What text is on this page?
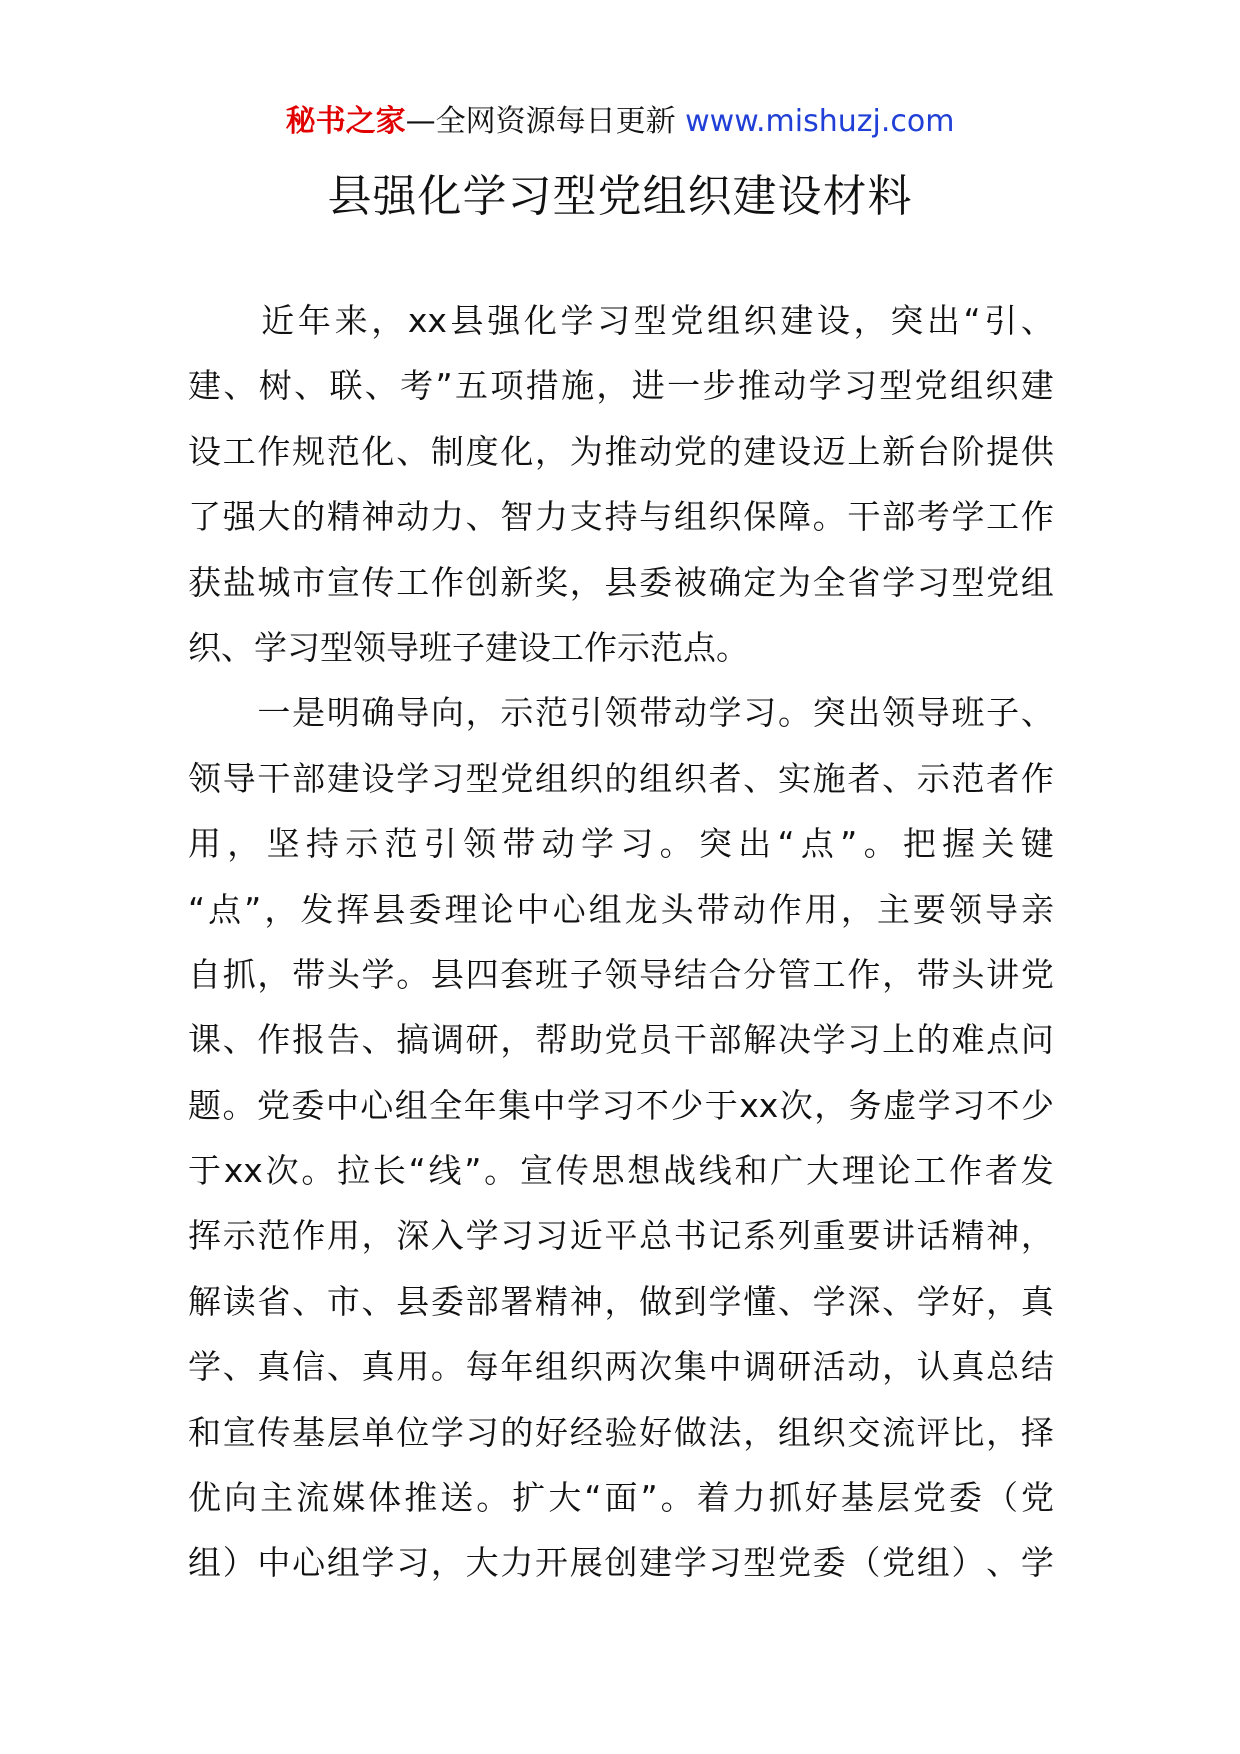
秘书之家—全网资源每日更新 www.mishuzj.com
县强化学习型党组织建设材料

近 年 来 ， xx 县 强 化 学 习 型 党 组 织 建 设 ， 突 出 “ 引 、
建 、 树 、 联 、 考 ” 五 项 措 施 ， 进 一 步 推 动 学 习 型 党 组 织 建
设 工 作 规 范 化 、 制 度 化 ， 为 推 动 党 的 建 设 迈 上 新 台 阶 提 供
了 强 大 的 精 神 动 力 、 智 力 支 持 与 组 织 保 障 。 干 部 考 学 工 作
获 盐 城 市 宣 传 工 作 创 新 奖 ， 县 委 被 确 定 为 全 省 学 习 型 党 组
织 、 学 习 型 领 导 班 子 建 设 工 作 示 范 点 。

一 是 明 确 导 向 ， 示 范 引 领 带 动 学 习 。 突 出 领 导 班 子 、
领 导 干 部 建 设 学 习 型 党 组 织 的 组 织 者 、 实 施 者 、 示 范 者 作
用 ， 坚 持 示 范 引 领 带 动 学 习 。 突 出 “ 点 ” 。 把 握 关 键
“ 点 ” ， 发 挥 县 委 理 论 中 心 组 龙 头 带 动 作 用 ， 主 要 领 导 亲
自 抓 ， 带 头 学 。 县 四 套 班 子 领 导 结 合 分 管 工 作 ， 带 头 讲 党
课 、 作 报 告 、 搞 调 研 ， 帮 助 党 员 干 部 解 决 学 习 上 的 难 点 问
题 。 党 委 中 心 组 全 年 集 中 学 习 不 少 于 xx 次 ， 务 虚 学 习 不 少
于 xx 次 。 拉 长 “ 线 ” 。 宣 传 思 想 战 线 和 广 大 理 论 工 作 者 发
挥 示 范 作 用 ， 深 入 学 习 习 近 平 总 书 记 系 列 重 要 讲 话 精 神 ，
解 读 省 、 市 、 县 委 部 署 精 神 ， 做 到 学 懂 、 学 深 、 学 好 ， 真
学 、 真 信 、 真 用 。 每 年 组 织 两 次 集 中 调 研 活 动 ， 认 真 总 结
和 宣 传 基 层 单 位 学 习 的 好 经 验 好 做 法 ， 组 织 交 流 评 比 ， 择
优 向 主 流 媒 体 推 送 。 扩 大 “ 面 ” 。 着 力 抓 好 基 层 党 委 （ 党
组 ） 中 心 组 学 习 ， 大 力 开 展 创 建 学 习 型 党 委 （ 党 组 ） 、 学
